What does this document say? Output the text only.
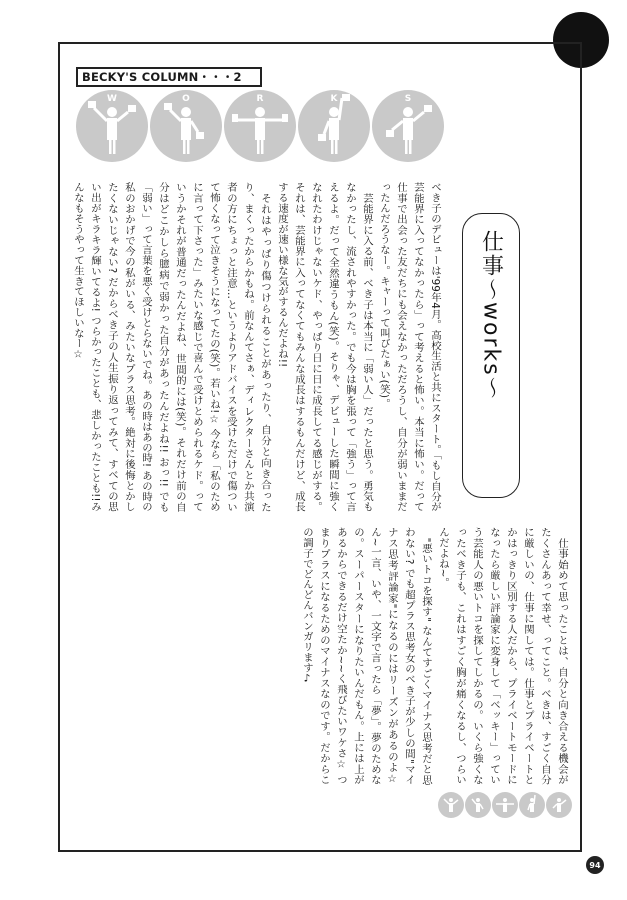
BECKY'S COLUMN・・・2
W	O	R	K	S
仕事～works～
べき子のデビューは'99年4月。高校生活と共にスタート。「もし自分が芸能界に入ってなかったら」って考えると怖い。本当に怖い。だって仕事で出会った友だちにも会えなかっただろうし、自分が弱いままだったんだろうなー。キャーって叫びたぁい(笑)。
　芸能界に入る前、べき子は本当に「弱い人」だったと思う。勇気もなかったし、流されやすかった。でも今は胸を張って「強う」って言えるよ。だって全然違うもん(笑)。そりゃ、デビューした瞬間に強くなれたわけじゃないケド、やっぱり日に日に成長してる感じがする。それは、芸能界に入ってなくてもみんな成長はするもんだけど、成長する速度が速い様な気がするんだよね!!
　それはやっぱり傷つけられることがあったり、自分と向き合ったり、まくったからかもね。前なんてさぁ、ディレクターさんとか共演者の方にちょっと注意…というよりアドバイスを受けただけで傷ついて怖くなって泣きそうになってたの(笑)。若いね!☆ 今なら「私のために言って下さった」みたいな感じで喜んで受けとめられるケド。っていうかそれが普通だったんだよね、世間的には(笑)。それだけ前の自分はどこかしら臆病で弱かった自分があったんだよね!! おっ!! でも「弱い」って言葉を悪く受けとらないでね。あの時はあの時! あの時の私のおかげで今の私がいる、みたいなプラス思考。絶対に後悔とかしたくないじゃない? だからべき子の人生振り返ってみて、すべての思い出がキラキラ輝いてるよ! つらかったことも、悲しかったことも!!みんなもそうやって生きてほしいなー☆
　仕事始めて思ったことは、自分と向き合える機会がたくさんあって幸せ、ってこと。べきは、すごく自分に厳しいの、仕事に関しては。仕事とプライベートとかはっきり区別する人だから、プライベートモードになったら厳しい評論家に変身して「べッキー」っていう芸能人の悪いトコを探してしかるの。いくら強くなったべき子も、これはすごく胸が痛くなるし、つらいんだよね~。
　"悪いトコを探す" なんてすごくマイナス思考だと思わない? でも超プラス思考女のべき子が少しの間"マイナス思考評論家"になるのにはリーズンがあるのよ☆ ん~一言、いや、一文字で言ったら「夢」。夢のためなの。スーパースターになりたいんだもん。上には上があるからできるだけ空たか~~く飛びたいワケさ☆ つまりプラスになるためのマイナスなのです。だからこの調子でどんどんバンガリます♪
94
